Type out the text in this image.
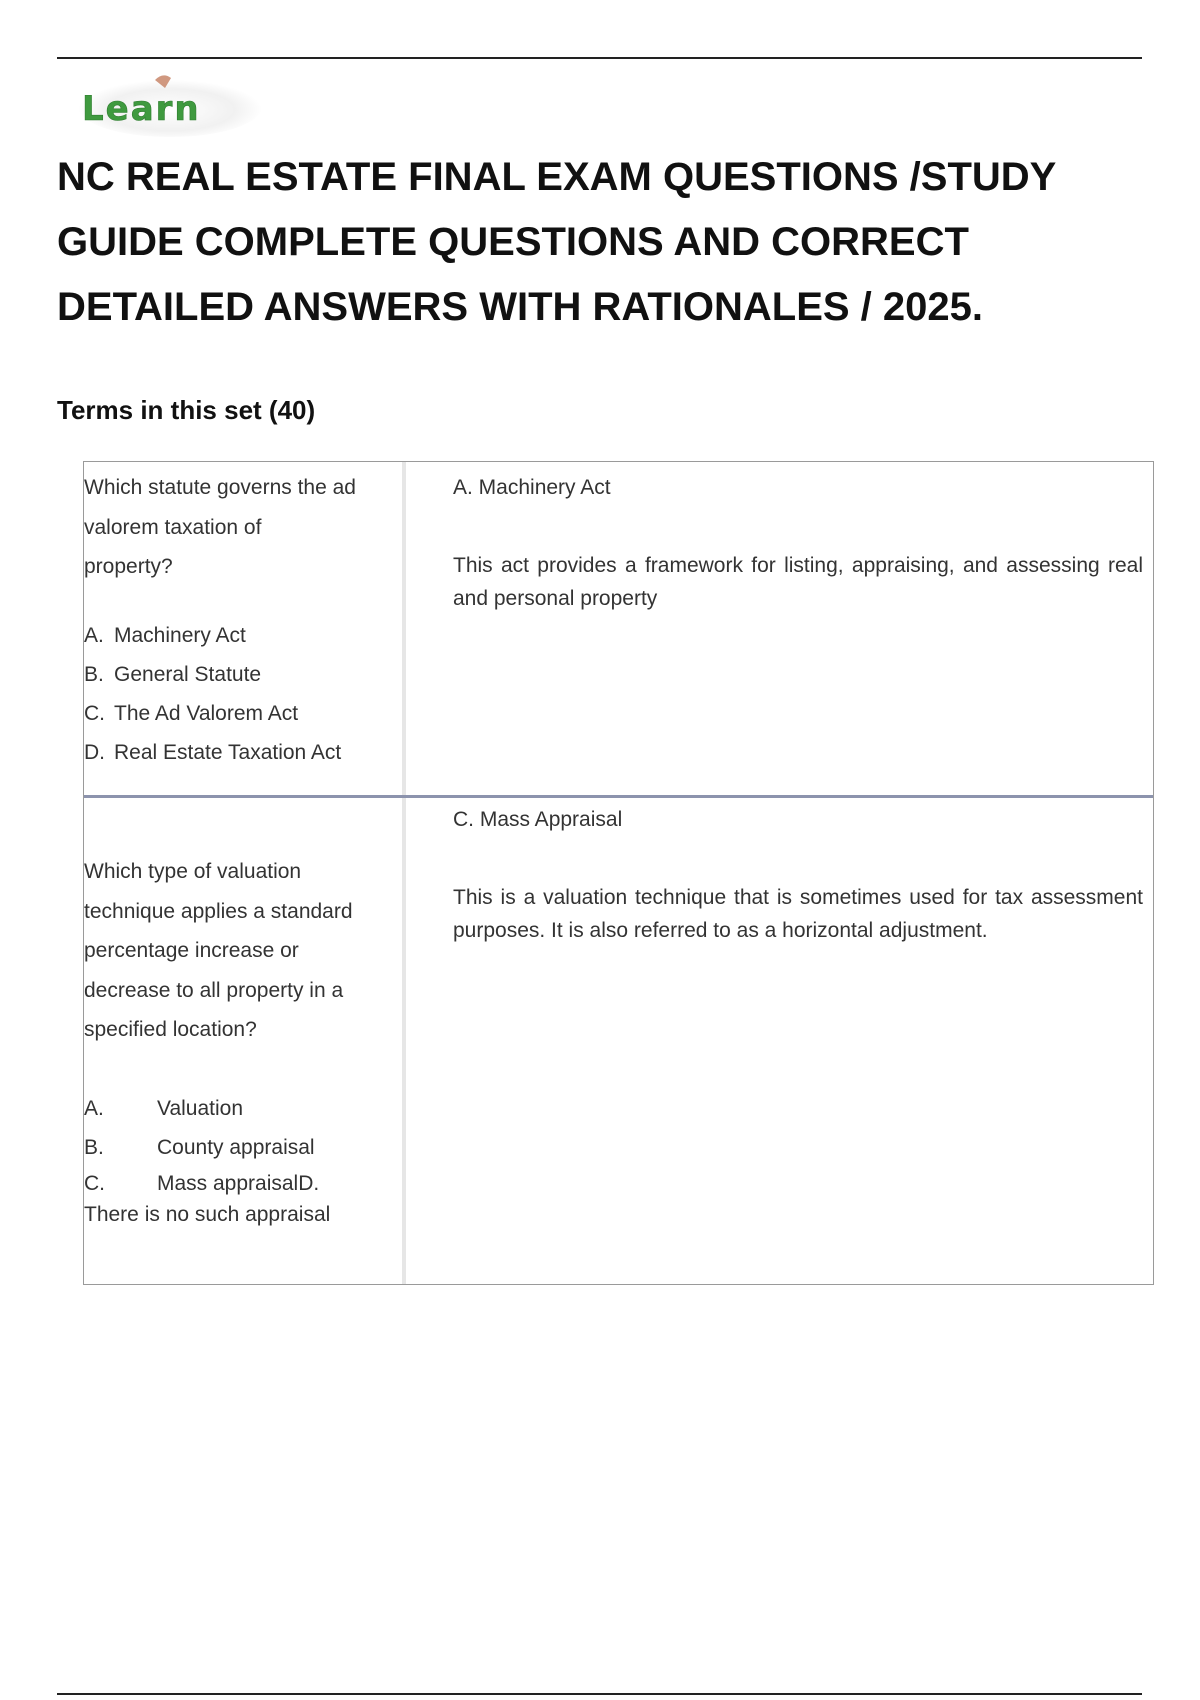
Learn
NC REAL ESTATE FINAL EXAM QUESTIONS /STUDY
GUIDE COMPLETE QUESTIONS AND CORRECT
DETAILED ANSWERS WITH RATIONALES / 2025.
Terms in this set (40)

Which statute governs the ad

valorem taxation of

property?

A. Machinery Act

B. General Statute

C. The Ad Valorem Act

D. Real Estate Taxation Act

A. Machinery Act

This act provides a framework for listing, appraising, and assessing real and personal property

Which type of valuation

technique applies a standard

percentage increase or

decrease to all property in a

specified location?

A.	Valuation

B.	County appraisal

C. Mass appraisalD.

There is no such appraisal

C. Mass Appraisal

This is a valuation technique that is sometimes used for tax assessment purposes. It is also referred to as a horizontal adjustment.
